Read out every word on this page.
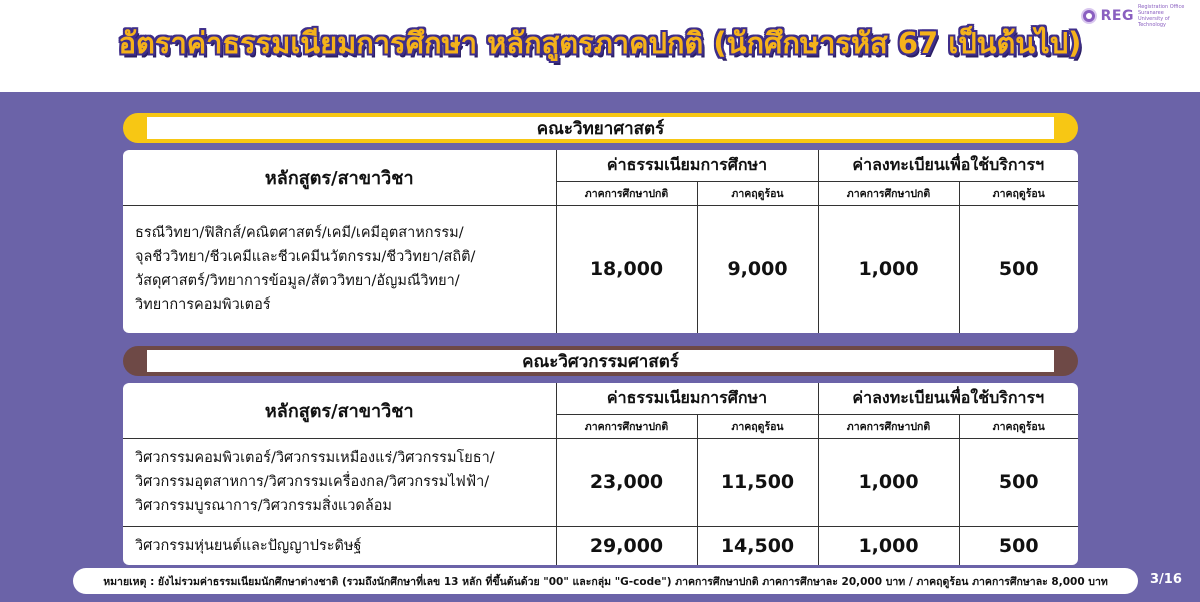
REG
Registration Office Suranaree University of Technology
อัตราค่าธรรมเนียมการศึกษา หลักสูตรภาคปกติ (นักศึกษารหัส 67 เป็นต้นไป)
คณะวิทยาศาสตร์
หลักสูตร/สาขาวิชา	ค่าธรรมเนียมการศึกษา		ค่าลงทะเบียนเพื่อใช้บริการฯ	
	ภาคการศึกษาปกติ	ภาคฤดูร้อน	ภาคการศึกษาปกติ	ภาคฤดูร้อน

ธรณีวิทยา/ฟิสิกส์/คณิตศาสตร์/เคมี/เคมีอุตสาหกรรม/
จุลชีววิทยา/ชีวเคมีและชีวเคมีนวัตกรรม/ชีววิทยา/สถิติ/
วัสดุศาสตร์/วิทยาการข้อมูล/สัตววิทยา/อัญมณีวิทยา/
วิทยาการคอมพิวเตอร์	18,000	9,000	1,000	500
คณะวิศวกรรมศาสตร์
หลักสูตร/สาขาวิชา	ค่าธรรมเนียมการศึกษา		ค่าลงทะเบียนเพื่อใช้บริการฯ	
	ภาคการศึกษาปกติ	ภาคฤดูร้อน	ภาคการศึกษาปกติ	ภาคฤดูร้อน

วิศวกรรมคอมพิวเตอร์/วิศวกรรมเหมืองแร่/วิศวกรรมโยธา/
วิศวกรรมอุตสาหการ/วิศวกรรมเครื่องกล/วิศวกรรมไฟฟ้า/
วิศวกรรมบูรณาการ/วิศวกรรมสิ่งแวดล้อม	23,000	11,500	1,000	500

วิศวกรรมหุ่นยนต์และปัญญาประดิษฐ์	29,000	14,500	1,000	500
หมายเหตุ : ยังไม่รวมค่าธรรมเนียมนักศึกษาต่างชาติ (รวมถึงนักศึกษาที่เลข 13 หลัก ที่ขึ้นต้นด้วย "00" และกลุ่ม "G-code") ภาคการศึกษาปกติ ภาคการศึกษาละ 20,000 บาท / ภาคฤดูร้อน ภาคการศึกษาละ 8,000 บาท	3/16
